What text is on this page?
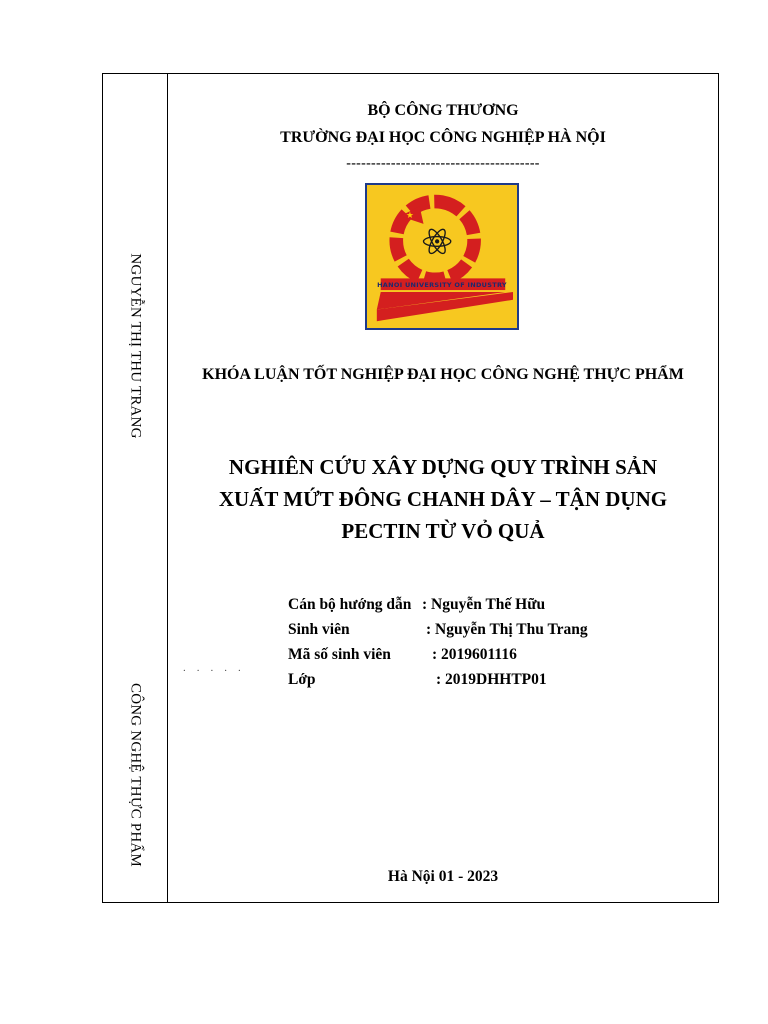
NGUYỄN THỊ THU TRANG
CÔNG NGHỆ THỰC PHẨM
BỘ CÔNG THƯƠNG
TRƯỜNG ĐẠI HỌC CÔNG NGHIỆP HÀ NỘI
---------------------------------------
★
HANOI UNIVERSITY OF INDUSTRY
KHÓA LUẬN TỐT NGHIỆP ĐẠI HỌC CÔNG NGHỆ THỰC PHẨM
NGHIÊN CỨU XÂY DỰNG QUY TRÌNH SẢN
XUẤT MỨT ĐÔNG CHANH DÂY – TẬN DỤNG
PECTIN TỪ VỎ QUẢ
Cán bộ hướng dẫn : Nguyễn Thế Hữu
Sinh viên	: Nguyễn Thị Thu Trang
Mã số sinh viên	: 2019601116
Lớp	: 2019DHHTP01
.....
Hà Nội 01 - 2023
